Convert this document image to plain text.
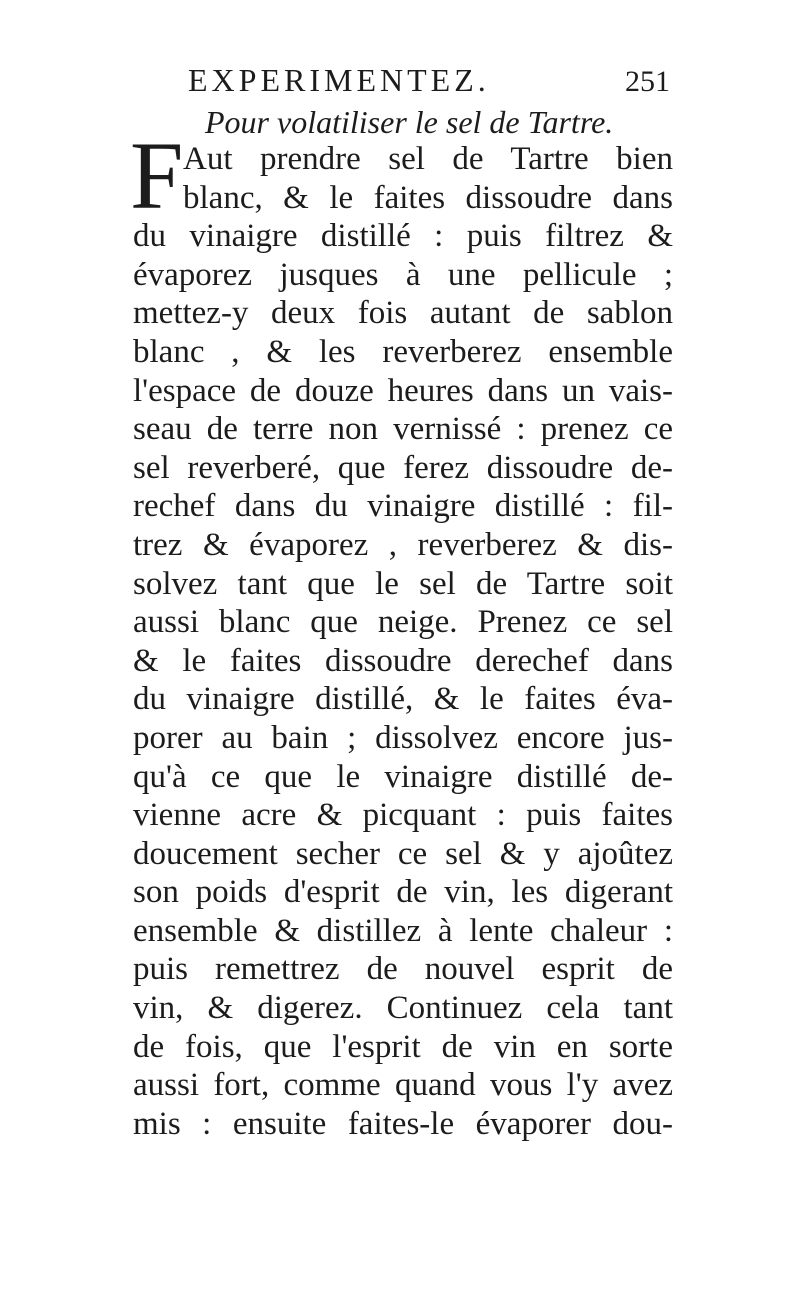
EXPERIMENTEZ.	251
Pour volatiliser le sel de Tartre.
F Aut prendre sel de Tartre bien
blanc, & le faites dissoudre dans
du vinaigre distillé : puis filtrez &
évaporez jusques à une pellicule ;
mettez-y deux fois autant de sablon
blanc , & les reverberez ensemble
l'espace de douze heures dans un vais-
seau de terre non vernissé : prenez ce
sel reverberé, que ferez dissoudre de-
rechef dans du vinaigre distillé : fil-
trez & évaporez , reverberez & dis-
solvez tant que le sel de Tartre soit
aussi blanc que neige. Prenez ce sel
& le faites dissoudre derechef dans
du vinaigre distillé, & le faites éva-
porer au bain ; dissolvez encore jus-
qu'à ce que le vinaigre distillé de-
vienne acre & picquant : puis faites
doucement secher ce sel & y ajoûtez
son poids d'esprit de vin, les digerant
ensemble & distillez à lente chaleur :
puis remettrez de nouvel esprit de
vin, & digerez. Continuez cela tant
de fois, que l'esprit de vin en sorte
aussi fort, comme quand vous l'y avez
mis : ensuite faites-le évaporer dou-
